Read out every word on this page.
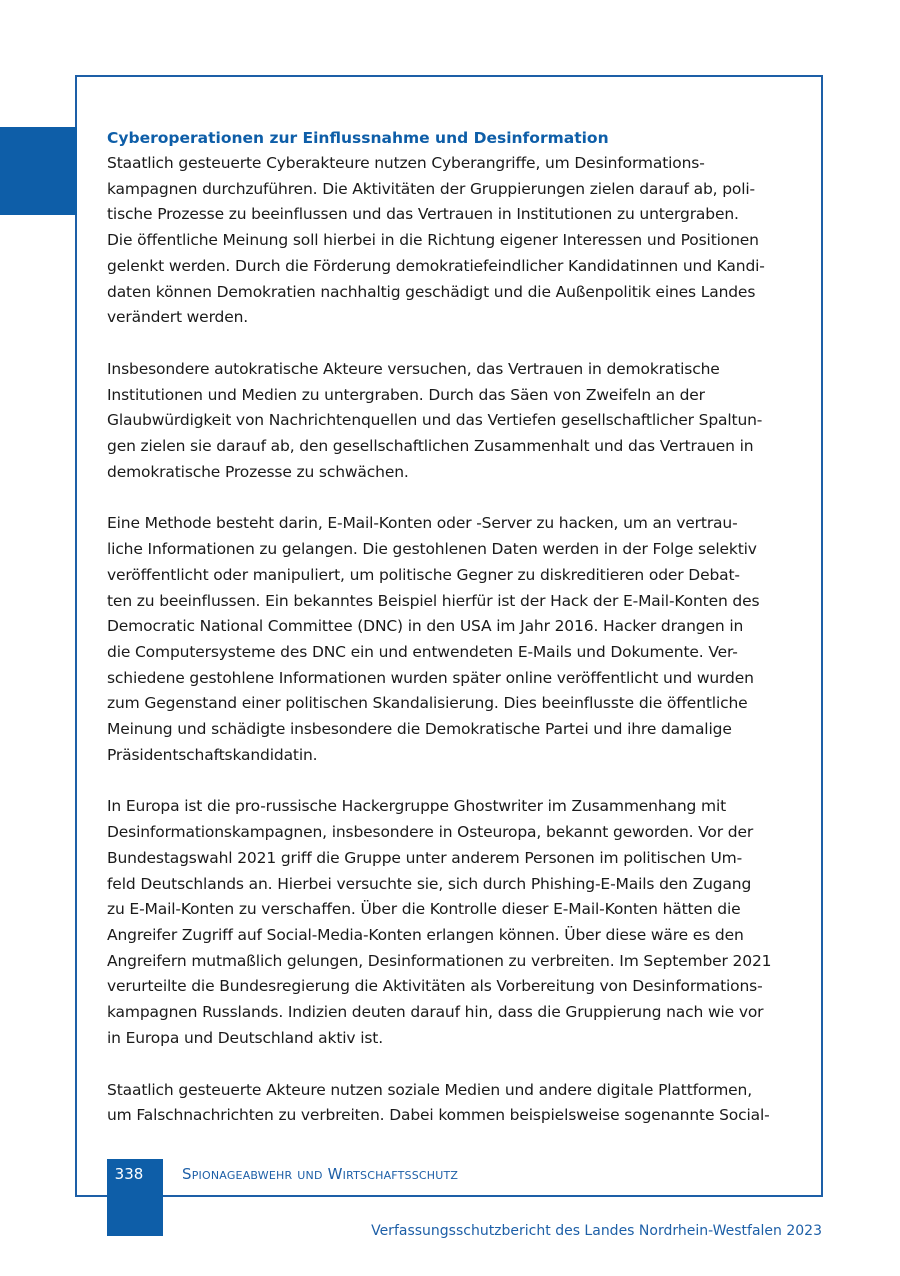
Cyberoperationen zur Einflussnahme und Desinformation

Staatlich gesteuerte Cyberakteure nutzen Cyberangriffe, um Desinformations-
kampagnen durchzuführen. Die Aktivitäten der Gruppierungen zielen darauf ab, poli-
tische Prozesse zu beeinflussen und das Vertrauen in Institutionen zu untergraben.
Die öffentliche Meinung soll hierbei in die Richtung eigener Interessen und Positionen
gelenkt werden. Durch die Förderung demokratiefeindlicher Kandidatinnen und Kandi-
daten können Demokratien nachhaltig geschädigt und die Außenpolitik eines Landes
verändert werden.

Insbesondere autokratische Akteure versuchen, das Vertrauen in demokratische
Institutionen und Medien zu untergraben. Durch das Säen von Zweifeln an der
Glaubwürdigkeit von Nachrichtenquellen und das Vertiefen gesellschaftlicher Spaltun-
gen zielen sie darauf ab, den gesellschaftlichen Zusammenhalt und das Vertrauen in
demokratische Prozesse zu schwächen.

Eine Methode besteht darin, E-Mail-Konten oder -Server zu hacken, um an vertrau-
liche Informationen zu gelangen. Die gestohlenen Daten werden in der Folge selektiv
veröffentlicht oder manipuliert, um politische Gegner zu diskreditieren oder Debat-
ten zu beeinflussen. Ein bekanntes Beispiel hierfür ist der Hack der E-Mail-Konten des
Democratic National Committee (DNC) in den USA im Jahr 2016. Hacker drangen in
die Computersysteme des DNC ein und entwendeten E-Mails und Dokumente. Ver-
schiedene gestohlene Informationen wurden später online veröffentlicht und wurden
zum Gegenstand einer politischen Skandalisierung. Dies beeinflusste die öffentliche
Meinung und schädigte insbesondere die Demokratische Partei und ihre damalige
Präsidentschaftskandidatin.

In Europa ist die pro-russische Hackergruppe Ghostwriter im Zusammenhang mit
Desinformationskampagnen, insbesondere in Osteuropa, bekannt geworden. Vor der
Bundestagswahl 2021 griff die Gruppe unter anderem Personen im politischen Um-
feld Deutschlands an. Hierbei versuchte sie, sich durch Phishing-E-Mails den Zugang
zu E-Mail-Konten zu verschaffen. Über die Kontrolle dieser E-Mail-Konten hätten die
Angreifer Zugriff auf Social-Media-Konten erlangen können. Über diese wäre es den
Angreifern mutmaßlich gelungen, Desinformationen zu verbreiten. Im September 2021
verurteilte die Bundesregierung die Aktivitäten als Vorbereitung von Desinformations-
kampagnen Russlands. Indizien deuten darauf hin, dass die Gruppierung nach wie vor
in Europa und Deutschland aktiv ist.

Staatlich gesteuerte Akteure nutzen soziale Medien und andere digitale Plattformen,
um Falschnachrichten zu verbreiten. Dabei kommen beispielsweise sogenannte Social-

338	Spionageabwehr und Wirtschaftsschutz
Verfassungsschutzbericht des Landes Nordrhein-Westfalen 2023
